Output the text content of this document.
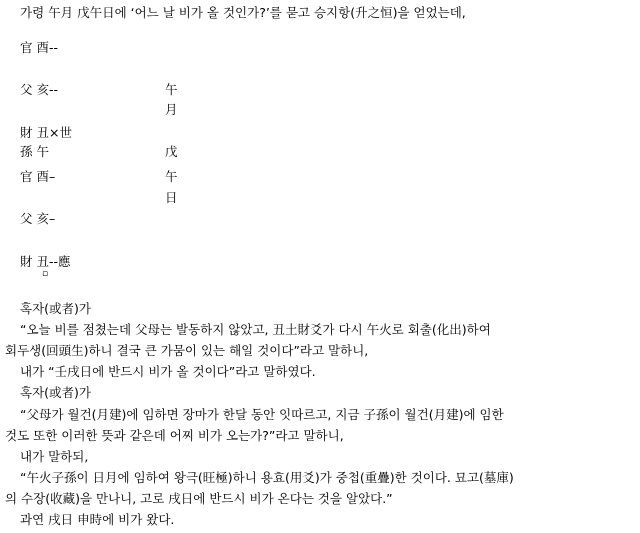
가령 午月 戊午日에 ‘어느 날 비가 올 것인가?’를 묻고 승지항(升之恒)을 얻었는데,
官 酉--
父 亥--
財 丑×世
孫 午
官 酉–
父 亥–
財 丑--應
▫
午
月
戊
午
日
혹자(或者)가
“오늘 비를 점쳤는데 父母는 발동하지 않았고, 丑土財爻가 다시 午火로 회출(化出)하여
회두생(回頭生)하니 결국 큰 가뭄이 있는 해일 것이다”라고 말하니,
내가 “壬戌日에 반드시 비가 올 것이다”라고 말하였다.
혹자(或者)가
“父母가 월건(月建)에 임하면 장마가 한달 동안 잇따르고, 지금 子孫이 월건(月建)에 임한
것도 또한 이러한 뜻과 같은데 어찌 비가 오는가?”라고 말하니,
내가 말하되,
“午火子孫이 日月에 임하여 왕극(旺極)하니 용효(用爻)가 중첩(重疊)한 것이다. 묘고(墓庫)
의 수장(收藏)을 만나니, 고로 戌日에 반드시 비가 온다는 것을 알았다.”
과연 戌日 申時에 비가 왔다.
